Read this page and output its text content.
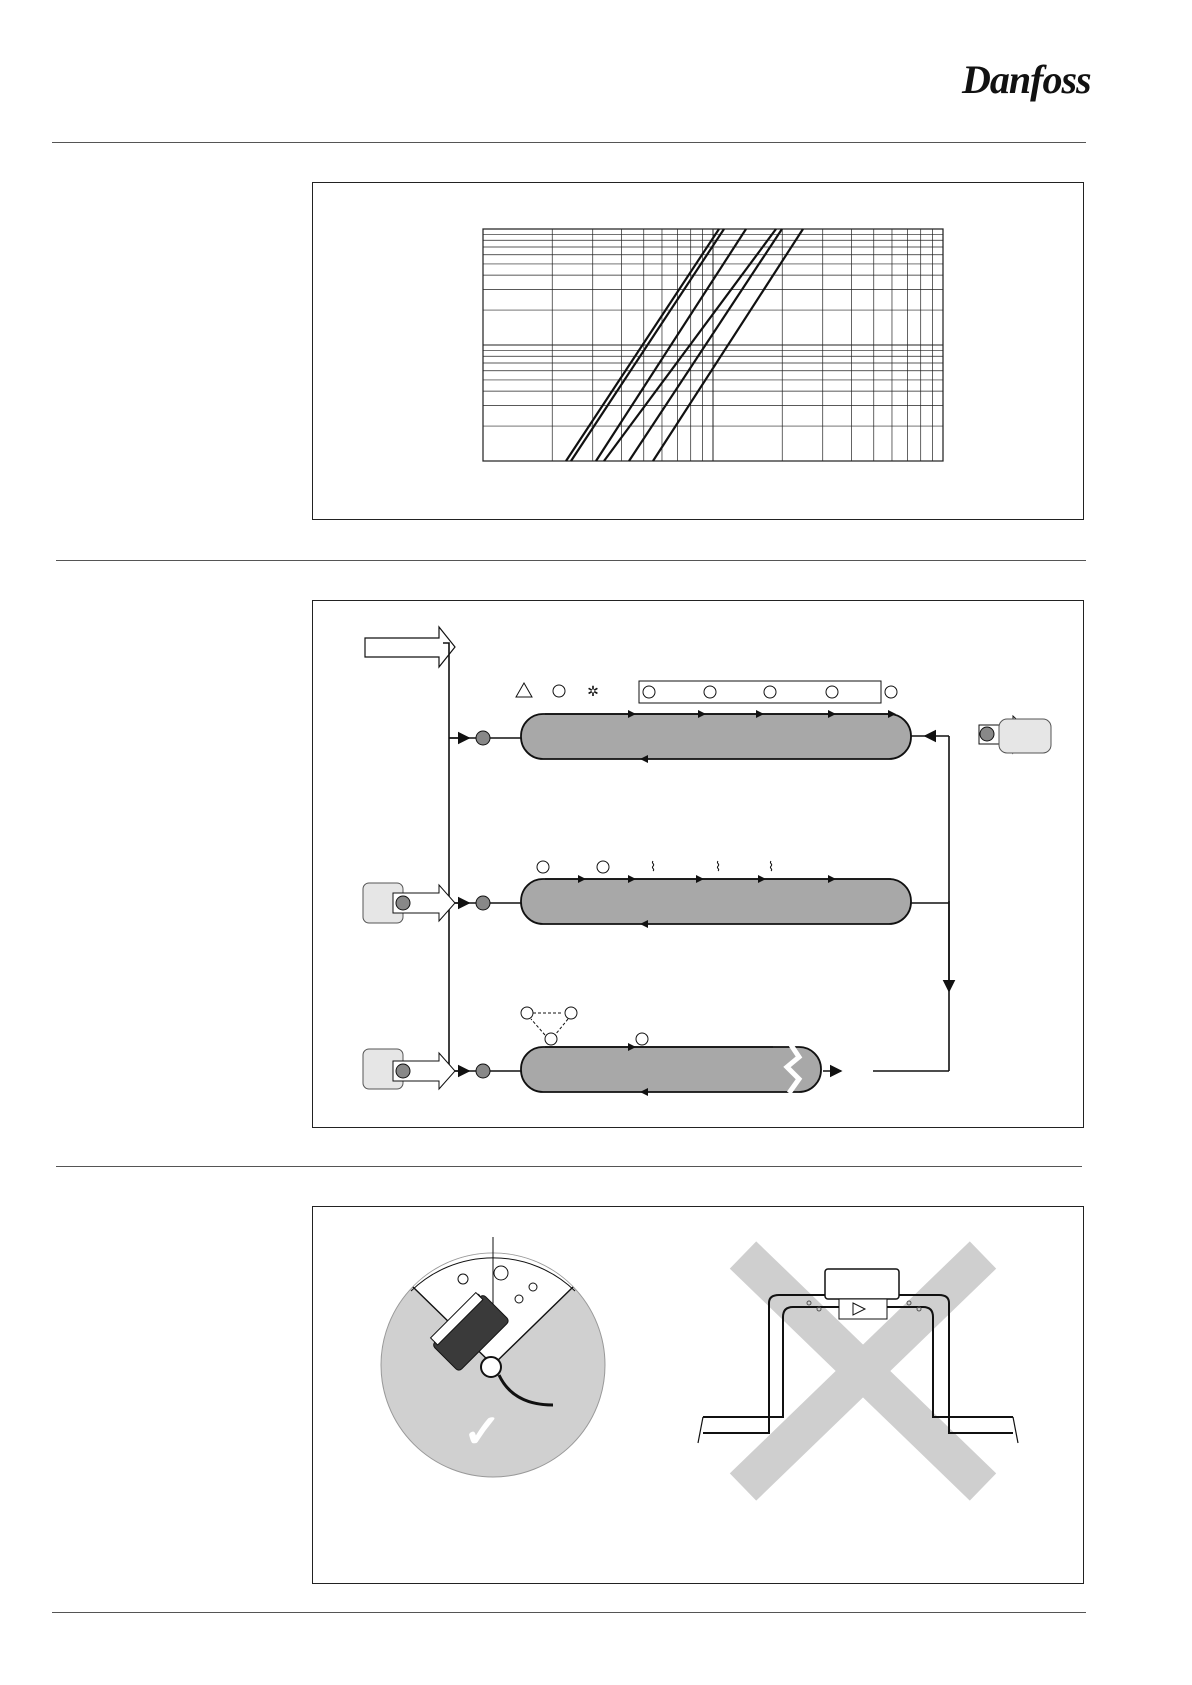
Danfoss
✲
⌇	⌇	⌇
✓
